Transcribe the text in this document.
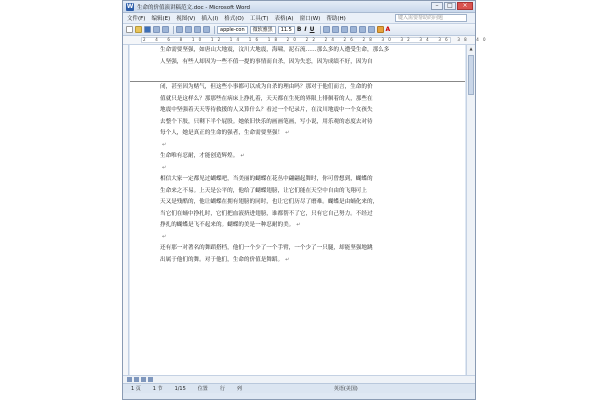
W 生命的价值演讲稿范文.doc - Microsoft Word	–	□	×
文件(F) 编辑(E) 视图(V) 插入(I) 格式(O) 工具(T) 表格(A) 窗口(W) 帮助(H)	键入需要帮助的问题
apple-con	微软雅黑	11.5 B I U	A
2 4 6 8 10 12 14 16 18 20 22 24 26 28 30 32 34 36 38 40

生命需要坚强，如唐山大地震，汶川大地震，海啸，泥石流……那么多的人遭受生命，那么多

人坚强，有些人却因为一些不值一提的事情而自杀，因为失恋，因为成绩不好，因为自

闭，甚至因为赌气，但这些小事都可以成为自杀的理由吗？那对于他们而言，生命的价

值就只是这样么？那那些在病床上挣扎着，天天都在生死的界限上徘徊着的人，那些在

地震中坚强着天天等待救援的人又算什么？看过一个纪录片，在汶川地震中一个女孩失

去整个下肢，只剩下半个屁股。她依旧快乐的画画笔画，写小说，用乐观的态度去对待

每个人，她是真正的生命的强者，生命需要坚强！ ↵

↵

生命唯有忍耐，才能创造辉煌。 ↵

↵

相信大家一定都见过蝴蝶吧，当美丽的蝴蝶在花丛中翩翩起舞时，你可曾想到，蝴蝶的

生命来之不易。上天是公平的，他给了蝴蝶翅膀，让它们能在天空中自由的飞翔可上

天又是残酷的，他让蝴蝶在拥有翅膀的同时，也让它们历尽了磨难。蝴蝶是由蛹化来的，

当它们在蛹中挣扎时，它们把血液挤进翅膀，谁都帮不了它，只有它自己努力。不经过

挣扎的蝴蝶是飞不起来的。蝴蝶的美是一种忍耐的美。 ↵

↵

还有那一对著名的舞蹈搭档，他们一个少了一个手臂，一个少了一只腿，却能坚强地跳

出属于他们的舞。对于他们，生命的价值是舞蹈。 ↵

▲
1 页 1 节 1/15 位置 行 列	英语(美国)
